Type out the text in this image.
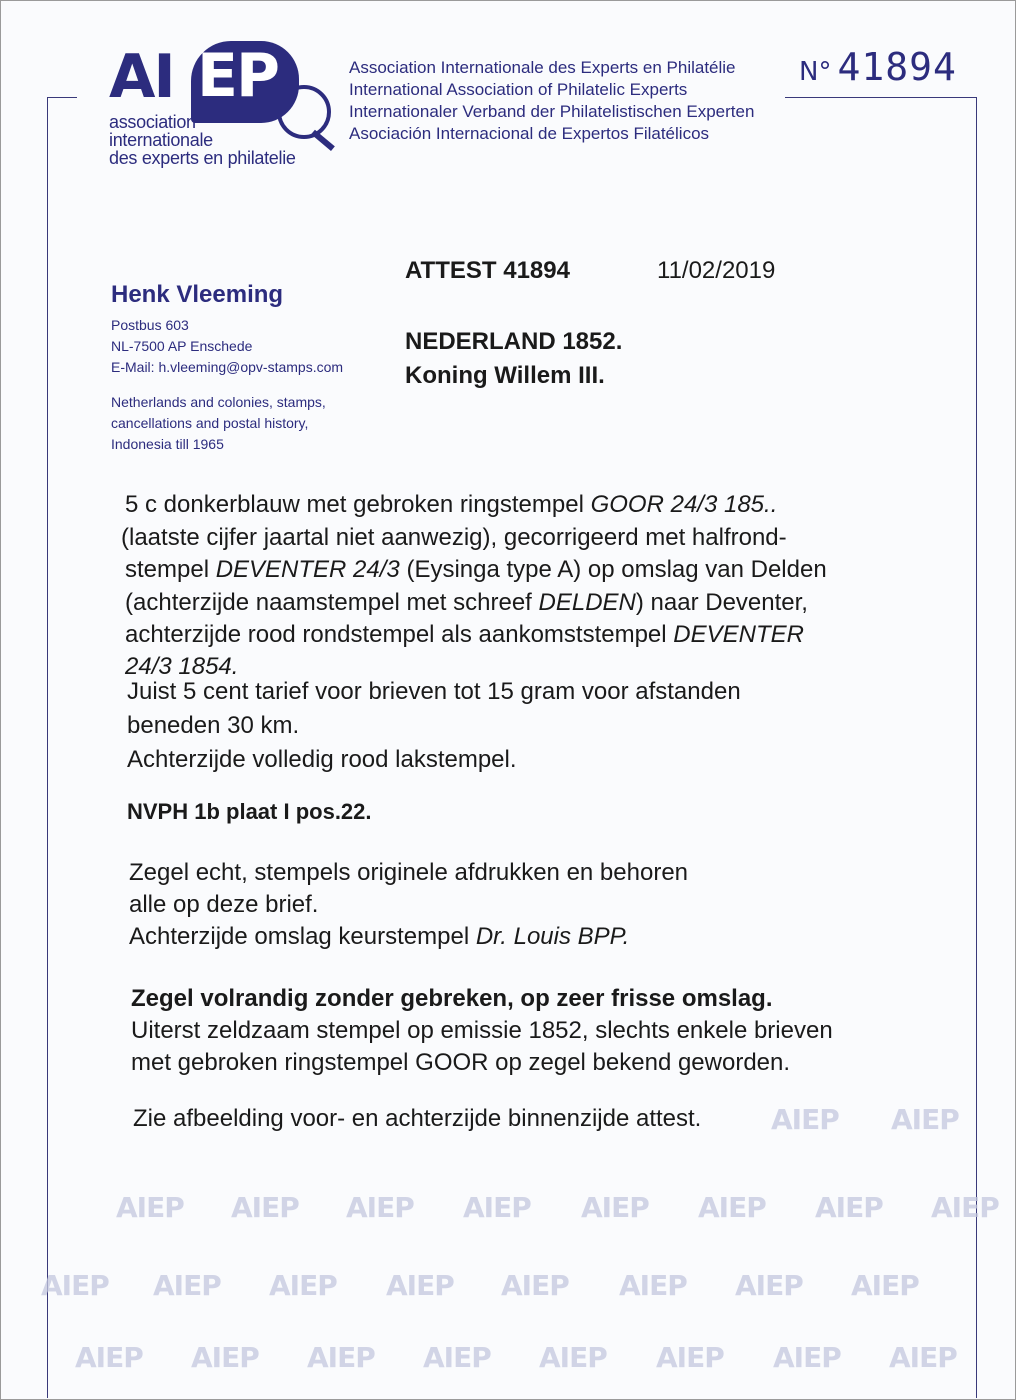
AI EP
association
internationale
des experts en philatelie
Association Internationale des Experts en Philatélie
International Association of Philatelic Experts
Internationaler Verband der Philatelistischen Experten
Asociación Internacional de Expertos Filatélicos
N° 41894
Henk Vleeming
Postbus 603
NL-7500 AP Enschede
E-Mail: h.vleeming@opv-stamps.com
Netherlands and colonies, stamps,
cancellations and postal history,
Indonesia till 1965
ATTEST 41894	11/02/2019
NEDERLAND 1852.
Koning Willem III.

5 c donkerblauw met gebroken ringstempel GOOR 24/3 185..

(laatste cijfer jaartal niet aanwezig), gecorrigeerd met halfrond-

stempel DEVENTER 24/3 (Eysinga type A) op omslag van Delden

(achterzijde naamstempel met schreef DELDEN) naar Deventer,

achterzijde rood rondstempel als aankomststempel DEVENTER

24/3 1854.

Juist 5 cent tarief voor brieven tot 15 gram voor afstanden

beneden 30 km.

Achterzijde volledig rood lakstempel.

NVPH 1b plaat I pos.22.
Zegel echt, stempels originele afdrukken en behoren
alle op deze brief.
Achterzijde omslag keurstempel Dr. Louis BPP.
Zegel volrandig zonder gebreken, op zeer frisse omslag.
Uiterst zeldzaam stempel op emissie 1852, slechts enkele brieven
met gebroken ringstempel GOOR op zegel bekend geworden.
Zie afbeelding voor- en achterzijde binnenzijde attest. AIEP AIEP
AIEP AIEP AIEP AIEP AIEP AIEP AIEP AIEP
AIEP AIEP AIEP AIEP AIEP AIEP AIEP AIEP
AIEP AIEP AIEP AIEP AIEP AIEP AIEP AIEP
